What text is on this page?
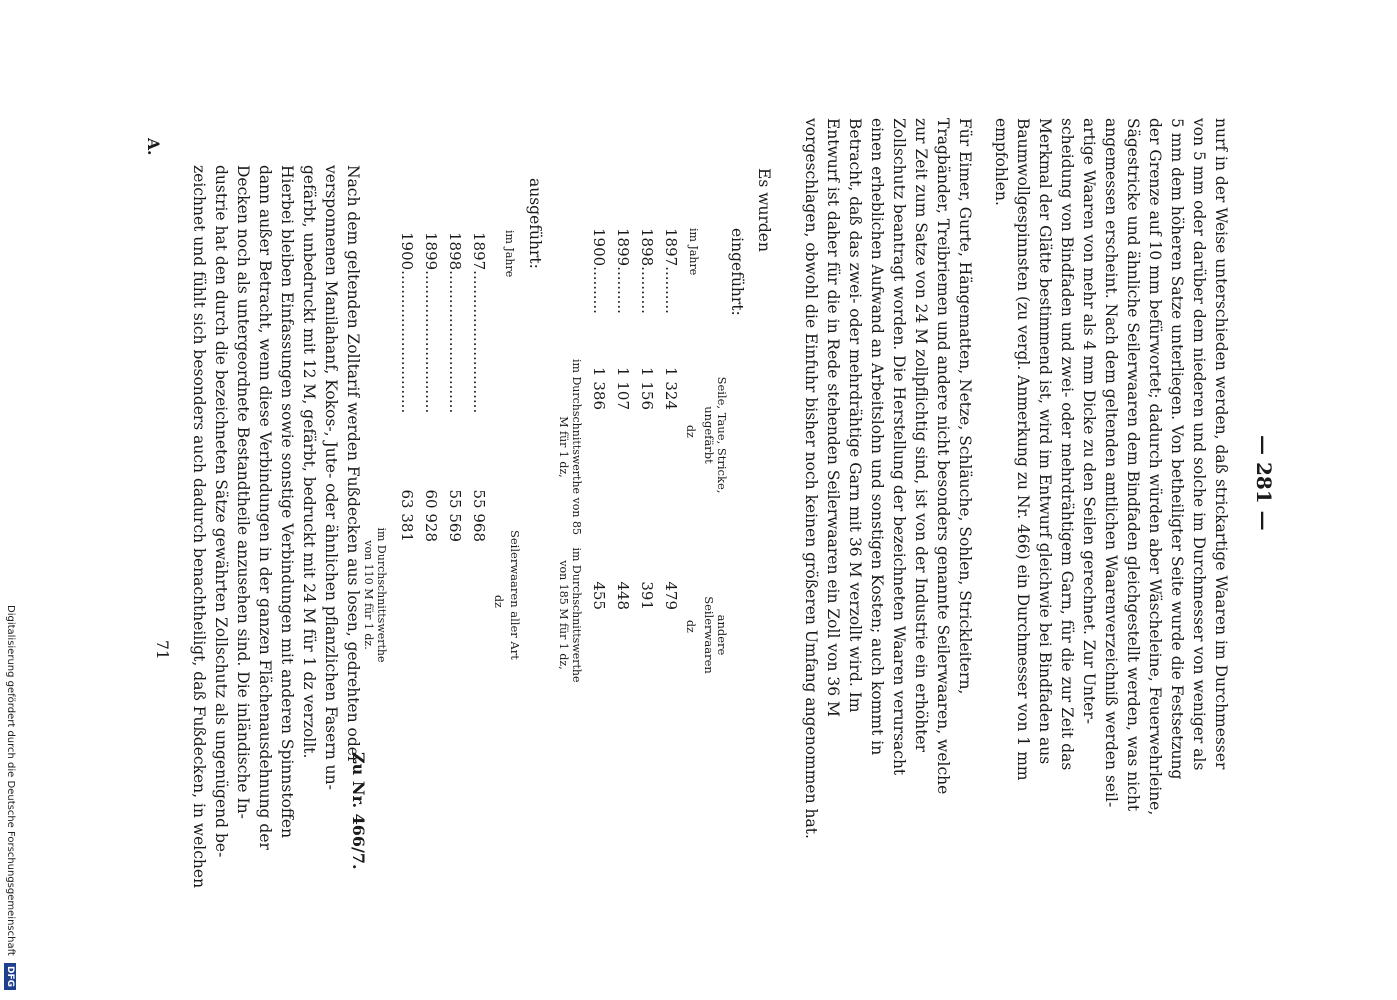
— 281 —
nurf in der Weise unterschieden werden, daß strickartige Waaren im Durchmesser
von 5 mm oder darüber dem niederen und solche im Durchmesser von weniger als
5 mm dem höheren Satze unterliegen. Von betheiligter Seite wurde die Festsetzung
der Grenze auf 10 mm befürwortet; dadurch würden aber Wäscheleine, Feuerwehrleine,
Sägestricke und ähnliche Seilerwaaren dem Bindfaden gleichgestellt werden, was nicht
angemessen erscheint. Nach dem geltenden amtlichen Waarenverzeichniß werden seil-
artige Waaren von mehr als 4 mm Dicke zu den Seilen gerechnet. Zur Unter-
scheidung von Bindfaden und zwei- oder mehrdrähtigem Garn, für die zur Zeit das
Merkmal der Glätte bestimmend ist, wird im Entwurf gleichwie bei Bindfaden aus
Baumwollgespinnsten (zu vergl. Anmerkung zu Nr. 466) ein Durchmesser von 1 mm
empfohlen.
Für Eimer, Gurte, Hängematten, Netze, Schläuche, Sohlen, Strickleitern,
Tragbänder, Treibriemen und andere nicht besonders genannte Seilerwaaren, welche
zur Zeit zum Satze von 24 M zollpflichtig sind, ist von der Industrie ein erhöhter
Zollschutz beantragt worden. Die Herstellung der bezeichneten Waaren verursacht
einen erheblichen Aufwand an Arbeitslohn und sonstigen Kosten; auch kommt in
Betracht, daß das zwei- oder mehrdrähtige Garn mit 36 M verzollt wird. Im
Entwurf ist daher für die in Rede stehenden Seilerwaaren ein Zoll von 36 M
vorgeschlagen, obwohl die Einfuhr bisher noch keinen größeren Umfang angenommen hat.
Es wurden
eingeführt:
im Jahre
Seile, Taue, Stricke, ungefärbt
dz
andere Seilerwaaren
dz
1897..........1 324479
1898..........1 156391
1899..........1 107448
1900..........1 386455
im Durchschnittswerthe von 85 M für 1 dz,
im Durchschnittswerthe von 185 M für 1 dz,
ausgeführt:
im Jahre
Seilerwaaren aller Art
dz
1897..............................55 968
1898..............................55 569
1899..............................60 928
1900..............................63 381
im Durchschnittswerthe von 110 M für 1 dz.
Nach dem geltenden Zolltarif werden Fußdecken aus losen, gedrehten oder
versponnenen Manilahanf, Kokos-, Jute- oder ähnlichen pflanzlichen Fasern un-
gefärbt, unbedruckt mit 12 M, gefärbt, bedruckt mit 24 M für 1 dz verzollt.
Hierbei bleiben Einfassungen sowie sonstige Verbindungen mit anderen Spinnstoffen
dann außer Betracht, wenn diese Verbindungen in der ganzen Flächenausdehnung der
Decken noch als untergeordnete Bestandtheile anzusehen sind. Die inländische In-
dustrie hat den durch die bezeichneten Sätze gewährten Zollschutz als ungenügend be-
zeichnet und fühlt sich besonders auch dadurch benachtheiligt, daß Fußdecken, in welchen	Zu Nr. 466/7.
71
A.
Digitalisierung gefördert durch die Deutsche Forschungsgemeinschaft DFG
